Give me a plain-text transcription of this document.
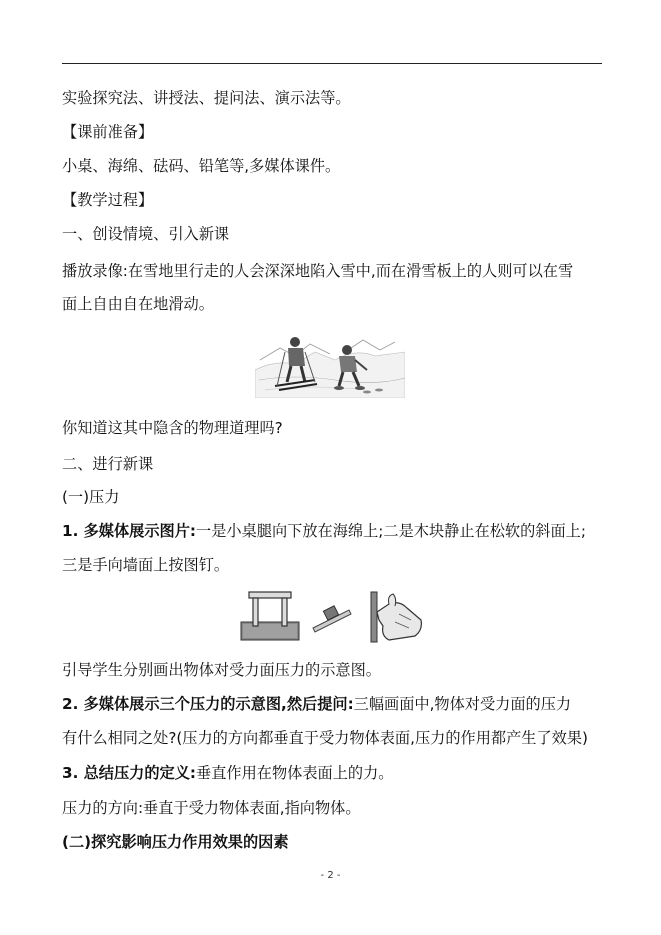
实验探究法、讲授法、提问法、演示法等。
【课前准备】
小桌、海绵、砝码、铅笔等,多媒体课件。
【教学过程】
一、创设情境、引入新课
播放录像:在雪地里行走的人会深深地陷入雪中,而在滑雪板上的人则可以在雪
面上自由自在地滑动。
你知道这其中隐含的物理道理吗?
二、进行新课
(一)压力
1. 多媒体展示图片:一是小桌腿向下放在海绵上;二是木块静止在松软的斜面上;
三是手向墙面上按图钉。
引导学生分别画出物体对受力面压力的示意图。
2. 多媒体展示三个压力的示意图,然后提问:三幅画面中,物体对受力面的压力
有什么相同之处?(压力的方向都垂直于受力物体表面,压力的作用都产生了效果)
3. 总结压力的定义:垂直作用在物体表面上的力。
压力的方向:垂直于受力物体表面,指向物体。
(二)探究影响压力作用效果的因素
- 2 -
